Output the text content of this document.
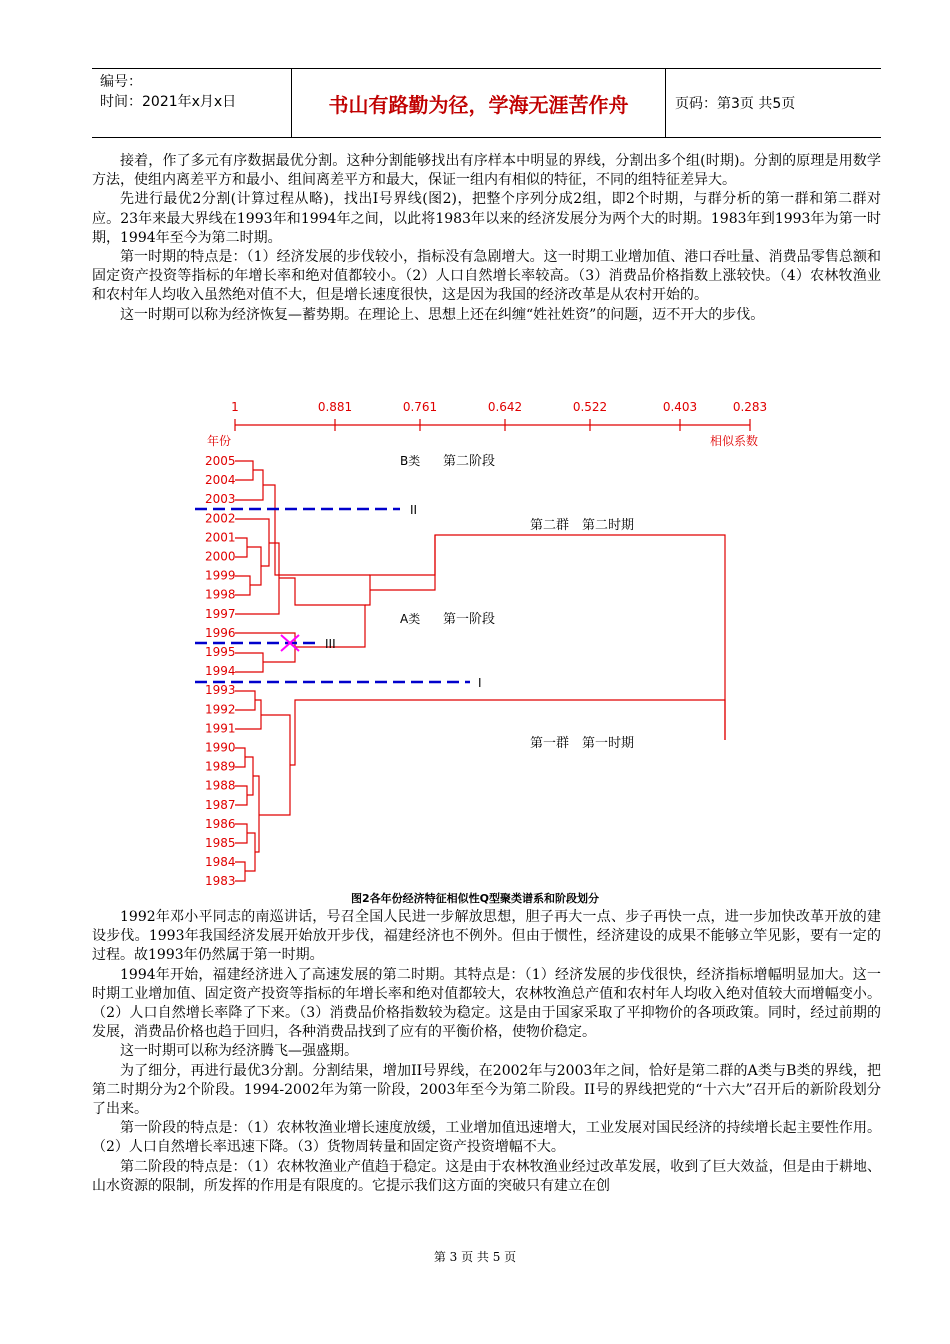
编号：
时间：2021年x月x日	书山有路勤为径，学海无涯苦作舟	页码：第3页 共5页

接着，作了多元有序数据最优分割。这种分割能够找出有序样本中明显的界线，分割出多个组(时期)。分割的原理是用数学方法，使组内离差平方和最小、组间离差平方和最大，保证一组内有相似的特征，不同的组特征差异大。

先进行最优2分割(计算过程从略)，找出I号界线(图2)，把整个序列分成2组，即2个时期，与群分析的第一群和第二群对应。23年来最大界线在1993年和1994年之间，以此将1983年以来的经济发展分为两个大的时期。1983年到1993年为第一时期，1994年至今为第二时期。

第一时期的特点是：（1）经济发展的步伐较小，指标没有急剧增大。这一时期工业增加值、港口吞吐量、消费品零售总额和固定资产投资等指标的年增长率和绝对值都较小。（2）人口自然增长率较高。（3）消费品价格指数上涨较快。（4）农林牧渔业和农村年人均收入虽然绝对值不大，但是增长速度很快，这是因为我国的经济改革是从农村开始的。

这一时期可以称为经济恢复—蓄势期。在理论上、思想上还在纠缠“姓社姓资”的问题，迈不开大的步伐。

1	0.881	0.761	0.642	0.522	0.403	0.283
相似系数
年份
2005
2004
2003
2002
2001
2000
1999
1998
1997
1996
1995
1994
1993
1992
1991
1990
1989
1988
1987
1986
1985
1984
1983
II
III
I
B类 第二阶段
第二群　第二时期
A类 第一阶段
第一群　第一时期
图2各年份经济特征相似性Q型聚类谱系和阶段划分

1992年邓小平同志的南巡讲话，号召全国人民进一步解放思想，胆子再大一点、步子再快一点，进一步加快改革开放的建设步伐。1993年我国经济发展开始放开步伐，福建经济也不例外。但由于惯性，经济建设的成果不能够立竿见影，要有一定的过程。故1993年仍然属于第一时期。

1994年开始，福建经济进入了高速发展的第二时期。其特点是：（1）经济发展的步伐很快，经济指标增幅明显加大。这一时期工业增加值、固定资产投资等指标的年增长率和绝对值都较大，农林牧渔总产值和农村年人均收入绝对值较大而增幅变小。（2）人口自然增长率降了下来。（3）消费品价格指数较为稳定。这是由于国家采取了平抑物价的各项政策。同时，经过前期的发展，消费品价格也趋于回归，各种消费品找到了应有的平衡价格，使物价稳定。

这一时期可以称为经济腾飞—强盛期。

为了细分，再进行最优3分割。分割结果，增加II号界线，在2002年与2003年之间，恰好是第二群的A类与B类的界线，把第二时期分为2个阶段。1994-2002年为第一阶段，2003年至今为第二阶段。II号的界线把党的“十六大”召开后的新阶段划分了出来。

第一阶段的特点是：（1）农林牧渔业增长速度放缓，工业增加值迅速增大，工业发展对国民经济的持续增长起主要性作用。（2）人口自然增长率迅速下降。（3）货物周转量和固定资产投资增幅不大。

第二阶段的特点是：（1）农林牧渔业产值趋于稳定。这是由于农林牧渔业经过改革发展，收到了巨大效益，但是由于耕地、山水资源的限制，所发挥的作用是有限度的。它提示我们这方面的突破只有建立在创

第 3 页 共 5 页
